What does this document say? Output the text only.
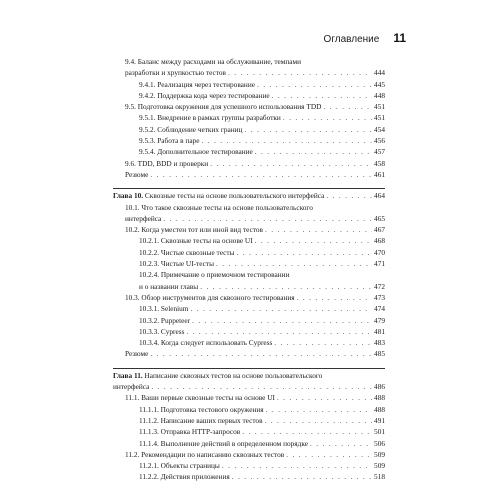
Оглавление 11
9.4. Баланс между расходами на обслуживание, темпами
разработки и хрупкостью тестов . . .	444
9.4.1. Реализация через тестирование . . .	445
9.4.2. Поддержка кода через тестирование . . .	448
9.5. Подготовка окружения для успешного использования TDD . . .	451
9.5.1. Внедрение в рамках группы разработки . . .	451
9.5.2. Соблюдение четких границ . . .	454
9.5.3. Работа в паре . . .	456
9.5.4. Дополнительное тестирование . . .	457
9.6. TDD, BDD и проверки . . .	458
Резюме . . .	461
Глава 10. Сквозные тесты на основе пользовательского интерфейса . . .	464
10.1. Что такое сквозные тесты на основе пользовательского
интерфейса . . .	465
10.2. Когда уместен тот или иной вид тестов . . .	467
10.2.1. Сквозные тесты на основе UI . . .	468
10.2.2. Чистые сквозные тесты . . .	470
10.2.3. Чистые UI-тесты . . .	471
10.2.4. Примечание о приемочном тестировании
и о названии главы . . .	472
10.3. Обзор инструментов для сквозного тестирования . . .	473
10.3.1. Selenium . . .	474
10.3.2. Puppeteer . . .	479
10.3.3. Cypress . . .	481
10.3.4. Когда следует использовать Cypress . . .	483
Резюме . . .	485
Глава 11. Написание сквозных тестов на основе пользовательского
интерфейса . . .	486
11.1. Ваши первые сквозные тесты на основе UI . . .	488
11.1.1. Подготовка тестового окружения . . .	488
11.1.2. Написание ваших первых тестов . . .	491
11.1.3. Отправка HTTP-запросов . . .	501
11.1.4. Выполнение действий в определенном порядке . . .	506
11.2. Рекомендации по написанию сквозных тестов . . .	509
11.2.1. Объекты страницы . . .	509
11.2.2. Действия приложения . . .	518
